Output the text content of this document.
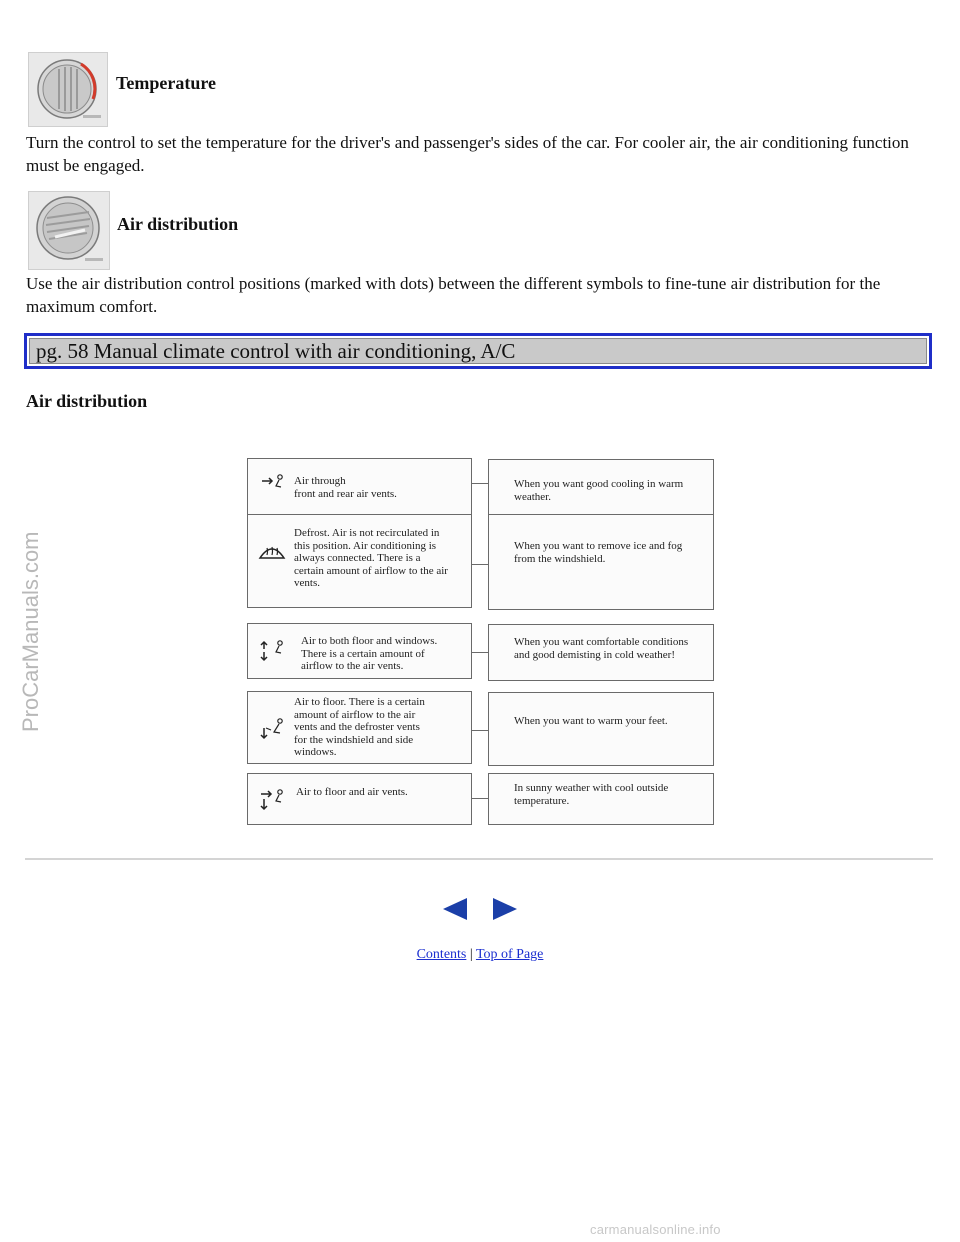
ProCarManuals.com
Temperature
Turn the control to set the temperature for the driver's and passenger's sides of the car. For cooler air, the air conditioning function must be engaged.
Air distribution
Use the air distribution control positions (marked with dots) between the different symbols to fine-tune air distribution for the maximum comfort.
pg. 58 Manual climate control with air conditioning, A/C
Air distribution
Air through
front and rear air vents.
When you want good cooling in warm
weather.
Defrost. Air is not recirculated in
this position. Air conditioning is
always connected. There is a
certain amount of airflow to the air
vents.
When you want to remove ice and fog
from the windshield.
Air to both floor and windows.
There is a certain amount of
airflow to the air vents.
When you want comfortable conditions
and good demisting in cold weather!
Air to floor. There is a certain
amount of airflow to the air
vents and the defroster vents
for the windshield and side
windows.
When you want to warm your feet.
Air to floor and air vents.	In sunny weather with cool outside
temperature.
Contents | Top of Page
carmanualsonline.info
